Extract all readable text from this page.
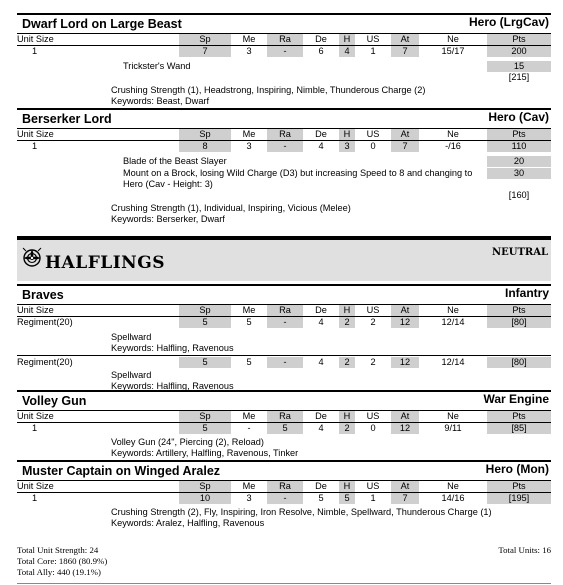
Dwarf Lord on Large Beast	Hero (LrgCav)
Unit Size	Sp	Me	Ra	De	H	US	At	Ne	Pts
1	7	3	-	6	4	1	7	15/17	200
Trickster's Wand	15
[215]
Crushing Strength (1), Headstrong, Inspiring, Nimble, Thunderous Charge (2)
Keywords: Beast, Dwarf
Berserker Lord	Hero (Cav)
Unit Size	Sp	Me	Ra	De	H	US	At	Ne	Pts
1	8	3	-	4	3	0	7	-/16	110
Blade of the Beast Slayer	20
Mount on a Brock, losing Wild Charge (D3) but increasing Speed to 8 and changing to	30
Hero (Cav - Height: 3)
[160]
Crushing Strength (1), Individual, Inspiring, Vicious (Melee)
Keywords: Berserker, Dwarf
HALFLINGS
NEUTRAL
Braves	Infantry
Unit Size	Sp	Me	Ra	De	H	US	At	Ne	Pts
Regiment(20)	5	5	-	4	2	2	12	12/14	[80]
Spellward
Keywords: Halfling, Ravenous
Regiment(20)	5	5	-	4	2	2	12	12/14	[80]
Spellward
Keywords: Halfling, Ravenous
Volley Gun	War Engine
Unit Size	Sp	Me	Ra	De	H	US	At	Ne	Pts
1	5	-	5	4	2	0	12	9/11	[85]
Volley Gun (24", Piercing (2), Reload)
Keywords: Artillery, Halfling, Ravenous, Tinker
Muster Captain on Winged Aralez	Hero (Mon)
Unit Size	Sp	Me	Ra	De	H	US	At	Ne	Pts
1	10	3	-	5	5	1	7	14/16	[195]
Crushing Strength (2), Fly, Inspiring, Iron Resolve, Nimble, Spellward, Thunderous Charge (1)
Keywords: Aralez, Halfling, Ravenous
Total Unit Strength: 24
Total Core: 1860 (80.9%)
Total Ally: 440 (19.1%)
Total Units: 16
